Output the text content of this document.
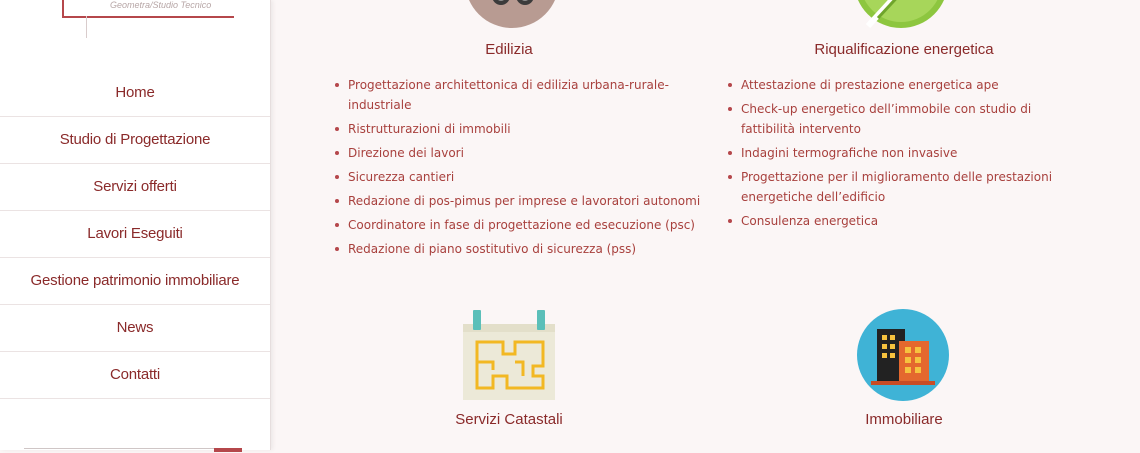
Geometra/Studio Tecnico
Home
Studio di Progettazione
Servizi offerti
Lavori Eseguiti
Gestione patrimonio immobiliare
News
Contatti
Edilizia
Progettazione architettonica di edilizia urbana-rurale-industriale
Ristrutturazioni di immobili
Direzione dei lavori
Sicurezza cantieri
Redazione di pos-pimus per imprese e lavoratori autonomi
Coordinatore in fase di progettazione ed esecuzione (psc)
Redazione di piano sostitutivo di sicurezza (pss)
Riqualificazione energetica
Attestazione di prestazione energetica ape
Check-up energetico dell’immobile con studio di fattibilità intervento
Indagini termografiche non invasive
Progettazione per il miglioramento delle prestazioni energetiche dell’edificio
Consulenza energetica
Servizi Catastali	Immobiliare
